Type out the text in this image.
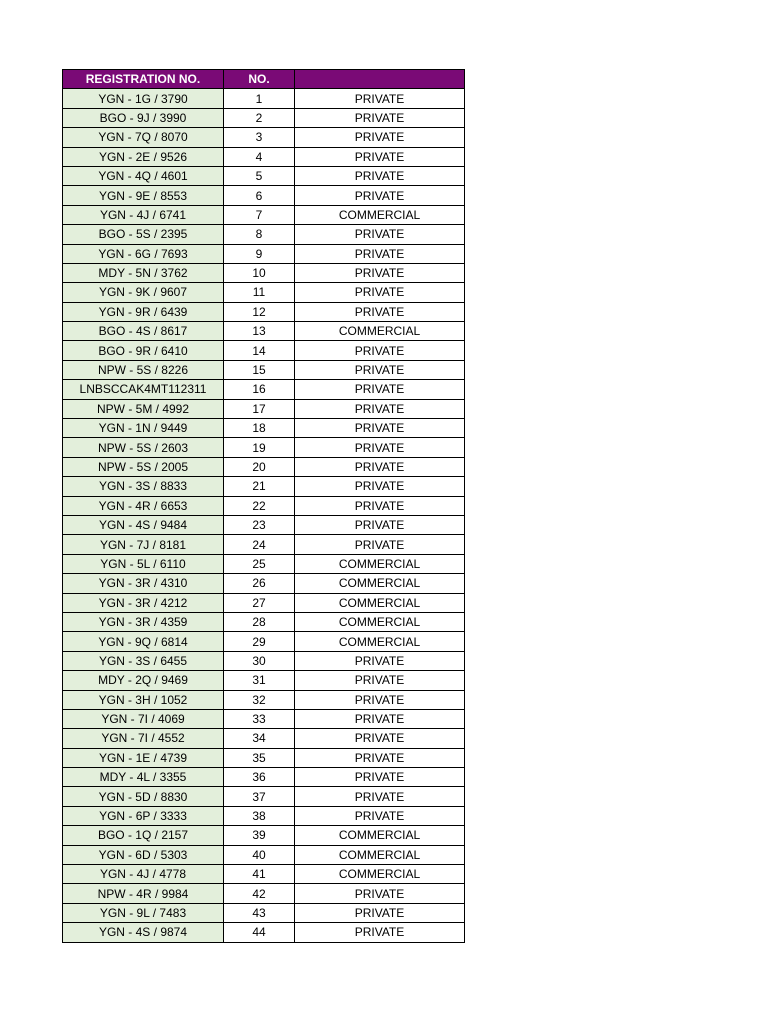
REGISTRATION NO.	NO.	
YGN - 1G / 3790	1	PRIVATE
BGO - 9J / 3990	2	PRIVATE
YGN - 7Q / 8070	3	PRIVATE
YGN - 2E / 9526	4	PRIVATE
YGN - 4Q / 4601	5	PRIVATE
YGN - 9E / 8553	6	PRIVATE
YGN - 4J / 6741	7	COMMERCIAL
BGO - 5S / 2395	8	PRIVATE
YGN - 6G / 7693	9	PRIVATE
MDY - 5N / 3762	10	PRIVATE
YGN - 9K / 9607	11	PRIVATE
YGN - 9R / 6439	12	PRIVATE
BGO - 4S / 8617	13	COMMERCIAL
BGO - 9R / 6410	14	PRIVATE
NPW - 5S / 8226	15	PRIVATE
LNBSCCAK4MT112311	16	PRIVATE
NPW - 5M / 4992	17	PRIVATE
YGN - 1N / 9449	18	PRIVATE
NPW - 5S / 2603	19	PRIVATE
NPW - 5S / 2005	20	PRIVATE
YGN - 3S / 8833	21	PRIVATE
YGN - 4R / 6653	22	PRIVATE
YGN - 4S / 9484	23	PRIVATE
YGN - 7J / 8181	24	PRIVATE
YGN - 5L / 6110	25	COMMERCIAL
YGN - 3R / 4310	26	COMMERCIAL
YGN - 3R / 4212	27	COMMERCIAL
YGN - 3R / 4359	28	COMMERCIAL
YGN - 9Q / 6814	29	COMMERCIAL
YGN - 3S / 6455	30	PRIVATE
MDY - 2Q / 9469	31	PRIVATE
YGN - 3H / 1052	32	PRIVATE
YGN - 7I / 4069	33	PRIVATE
YGN - 7I / 4552	34	PRIVATE
YGN - 1E / 4739	35	PRIVATE
MDY - 4L / 3355	36	PRIVATE
YGN - 5D / 8830	37	PRIVATE
YGN - 6P / 3333	38	PRIVATE
BGO - 1Q / 2157	39	COMMERCIAL
YGN - 6D / 5303	40	COMMERCIAL
YGN - 4J / 4778	41	COMMERCIAL
NPW - 4R / 9984	42	PRIVATE
YGN - 9L / 7483	43	PRIVATE
YGN - 4S / 9874	44	PRIVATE
